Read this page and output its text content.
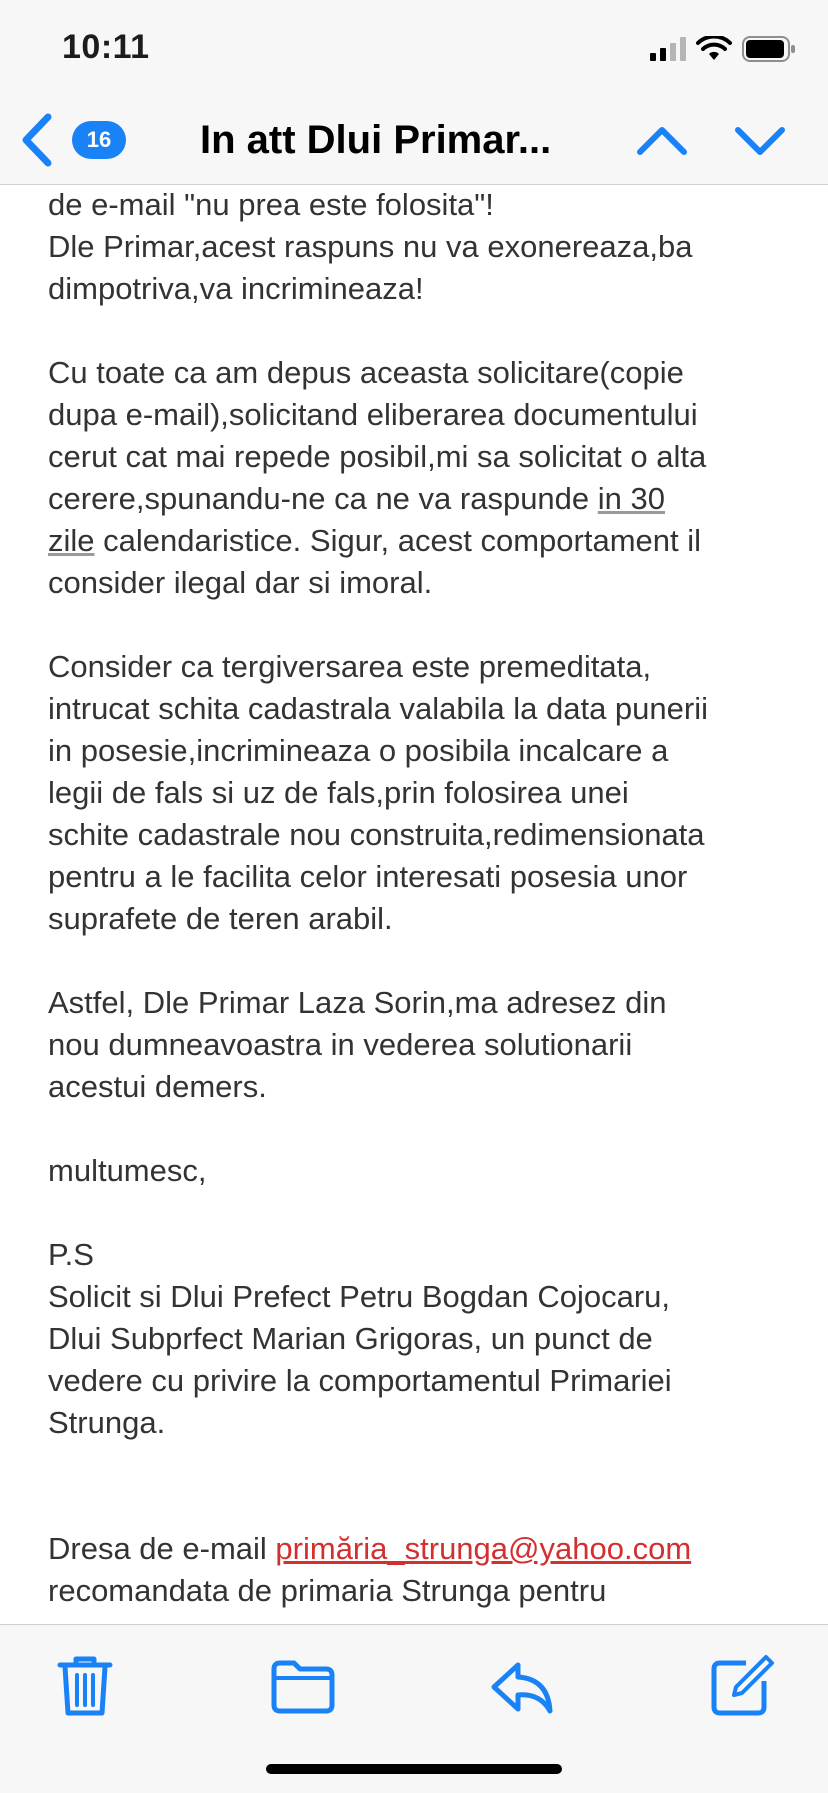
10:11
16	In att Dlui Primar...

de e-mail "nu prea este folosita"!

Dle Primar,acest raspuns nu va exonereaza,ba

dimpotriva,va incrimineaza!

Cu toate ca am depus aceasta solicitare(copie

dupa e-mail),solicitand eliberarea documentului

cerut cat mai repede posibil,mi sa solicitat o alta

cerere,spunandu-ne ca ne va raspunde in 30

zile calendaristice. Sigur, acest comportament il

consider ilegal dar si imoral.

Consider ca tergiversarea este premeditata,

intrucat schita cadastrala valabila la data punerii

in posesie,incrimineaza o posibila incalcare a

legii de fals si uz de fals,prin folosirea unei

schite cadastrale nou construita,redimensionata

pentru a le facilita celor interesati posesia unor

suprafete de teren arabil.

Astfel, Dle Primar Laza Sorin,ma adresez din

nou dumneavoastra in vederea solutionarii

acestui demers.

multumesc,

P.S

Solicit si Dlui Prefect Petru Bogdan Cojocaru,

Dlui Subprfect Marian Grigoras, un punct de

vedere cu privire la comportamentul Primariei

Strunga.

Dresa de e-mail primăria_strunga@yahoo.com

recomandata de primaria Strunga pentru
